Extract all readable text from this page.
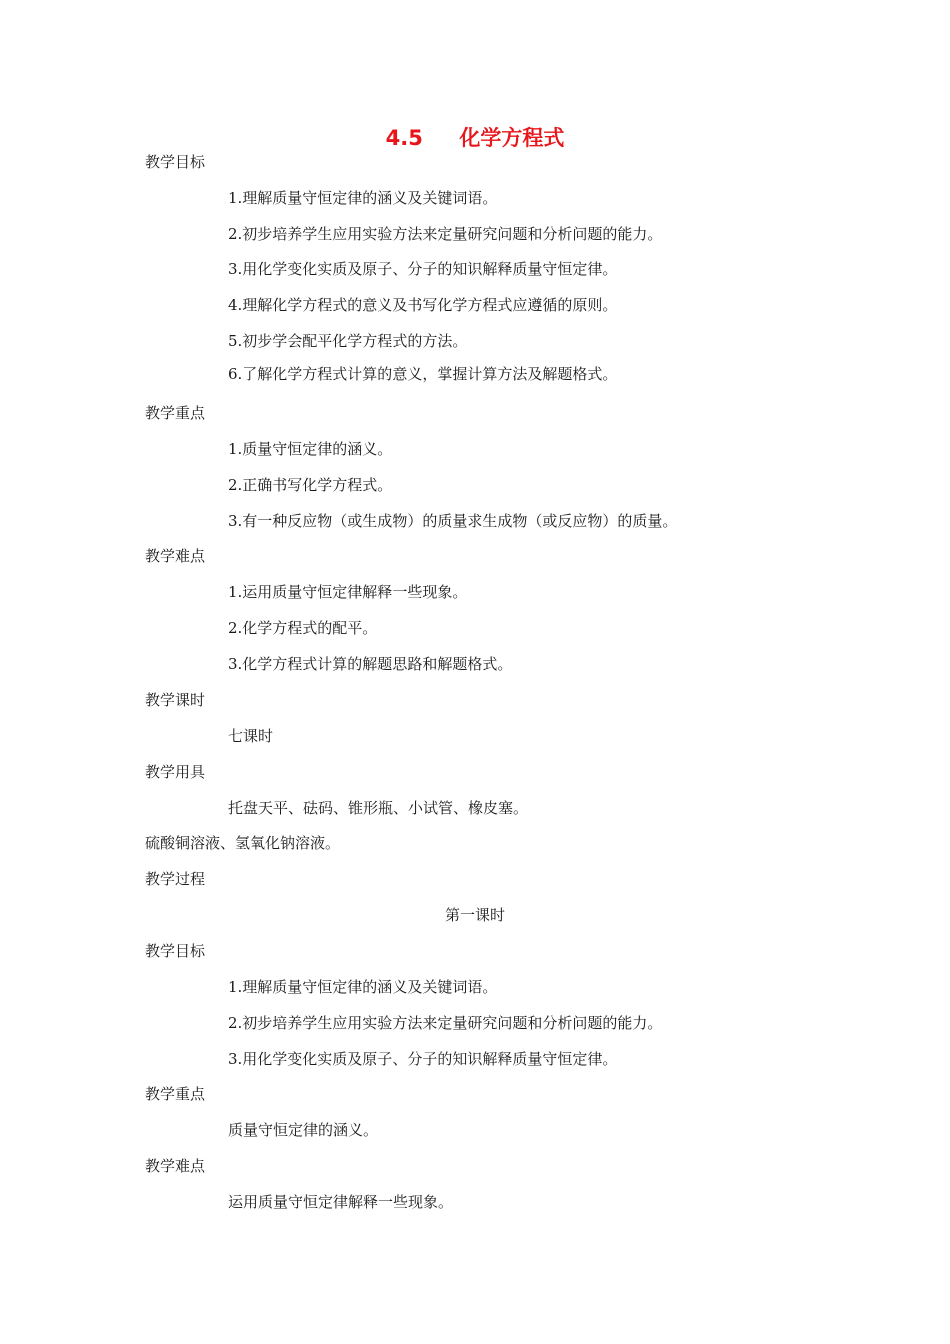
4.5     化学方程式
教学目标
1.理解质量守恒定律的涵义及关键词语。
2.初步培养学生应用实验方法来定量研究问题和分析问题的能力。
3.用化学变化实质及原子、分子的知识解释质量守恒定律。
4.理解化学方程式的意义及书写化学方程式应遵循的原则。
5.初步学会配平化学方程式的方法。
6.了解化学方程式计算的意义，掌握计算方法及解题格式。
教学重点
1.质量守恒定律的涵义。
2.正确书写化学方程式。
3.有一种反应物（或生成物）的质量求生成物（或反应物）的质量。
教学难点
1.运用质量守恒定律解释一些现象。
2.化学方程式的配平。
3.化学方程式计算的解题思路和解题格式。
教学课时
七课时
教学用具
托盘天平、砝码、锥形瓶、小试管、橡皮塞。
硫酸铜溶液、氢氧化钠溶液。
教学过程
第一课时
教学目标
1.理解质量守恒定律的涵义及关键词语。
2.初步培养学生应用实验方法来定量研究问题和分析问题的能力。
3.用化学变化实质及原子、分子的知识解释质量守恒定律。
教学重点
质量守恒定律的涵义。
教学难点
运用质量守恒定律解释一些现象。
